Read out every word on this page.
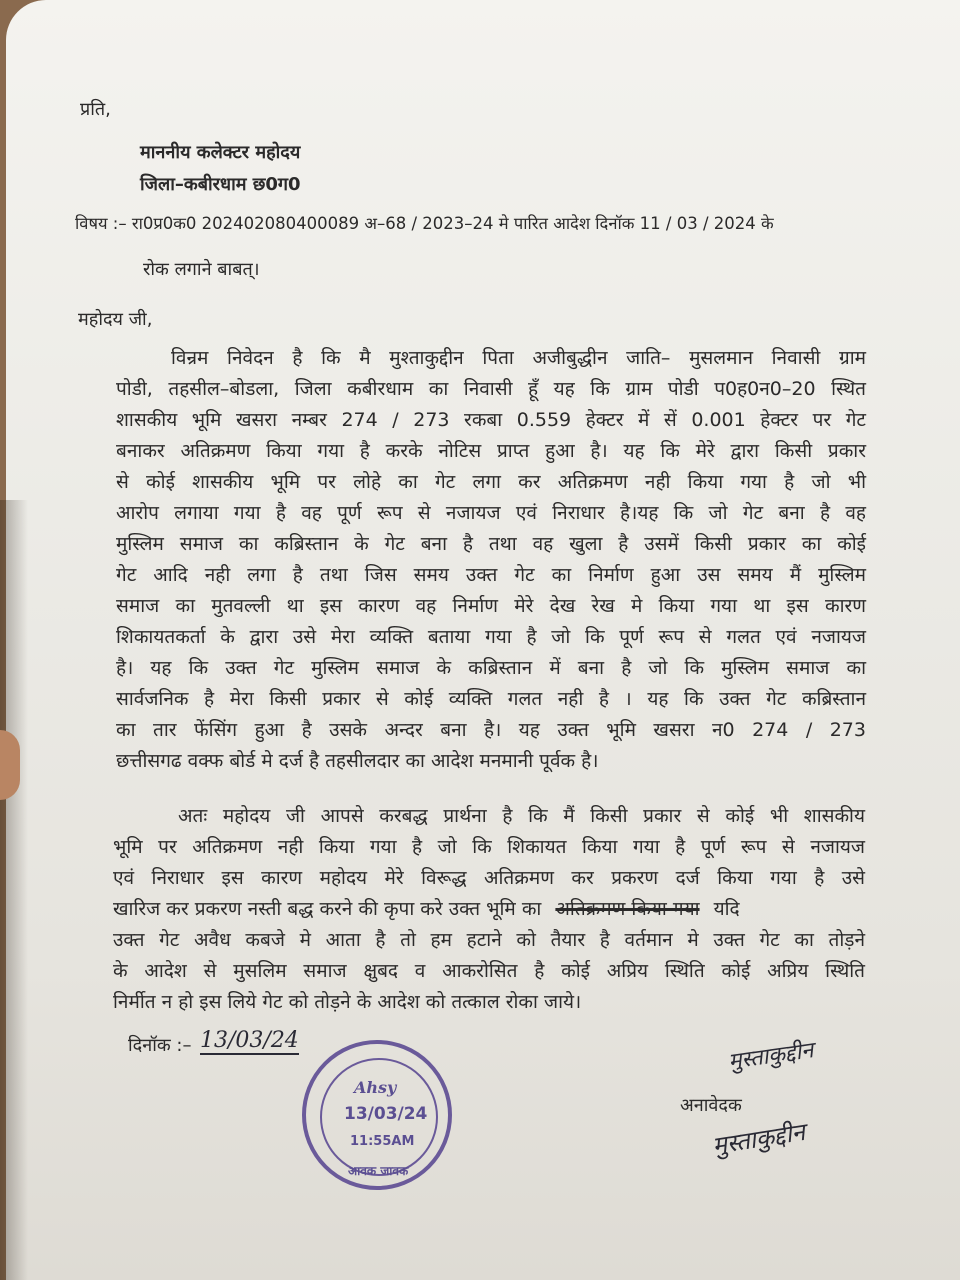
प्रति,
माननीय कलेक्टर महोदय
जिला–कबीरधाम छ0ग0
विषय :– रा0प्र0क0 202402080400089 अ–68 / 2023–24 मे पारित आदेश दिनॉक 11 / 03 / 2024 के
रोक लगाने बाबत्।
महोदय जी,
विन्रम निवेदन है कि मै मुश्ताकुद्दीन पिता अजीबुद्धीन जाति– मुसलमान निवासी ग्राम
पोडी, तहसील–बोडला, जिला कबीरधाम का निवासी हूँ यह कि ग्राम पोडी प0ह0न0–20 स्थित
शासकीय भूमि खसरा नम्बर 274 / 273 रकबा 0.559 हेक्टर में सें 0.001 हेक्टर पर गेट
बनाकर अतिक्रमण किया गया है करके नोटिस प्राप्त हुआ है। यह कि मेरे द्वारा किसी प्रकार
से कोई शासकीय भूमि पर लोहे का गेट लगा कर अतिक्रमण नही किया गया है जो भी
आरोप लगाया गया है वह पूर्ण रूप से नजायज एवं निराधार है।यह कि जो गेट बना है वह
मुस्लिम समाज का कब्रिस्तान के गेट बना है तथा वह खुला है उसमें किसी प्रकार का कोई
गेट आदि नही लगा है तथा जिस समय उक्त गेट का निर्माण हुआ उस समय मैं मुस्लिम
समाज का मुतवल्ली था इस कारण वह निर्माण मेरे देख रेख मे किया गया था इस कारण
शिकायतकर्ता के द्वारा उसे मेरा व्यक्ति बताया गया है जो कि पूर्ण रूप से गलत एवं नजायज
है। यह कि उक्त गेट मुस्लिम समाज के कब्रिस्तान में बना है जो कि मुस्लिम समाज का
सार्वजनिक है मेरा किसी प्रकार से कोई व्यक्ति गलत नही है । यह कि उक्त गेट कब्रिस्तान
का तार फेंसिंग हुआ है उसके अन्दर बना है। यह उक्त भूमि खसरा न0 274 / 273
छत्तीसगढ वक्फ बोर्ड मे दर्ज है तहसीलदार का आदेश मनमानी पूर्वक है।
अतः महोदय जी आपसे करबद्ध प्रार्थना है कि मैं किसी प्रकार से कोई भी शासकीय
भूमि पर अतिक्रमण नही किया गया है जो कि शिकायत किया गया है पूर्ण रूप से नजायज
एवं निराधार इस कारण महोदय मेरे विरूद्ध अतिक्रमण कर प्रकरण दर्ज किया गया है उसे
खारिज कर प्रकरण नस्ती बद्ध करने की कृपा करे उक्त भूमि का अतिक्रमण किया गया यदि
उक्त गेट अवैध कबजे मे आता है तो हम हटाने को तैयार है वर्तमान मे उक्त गेट का तोड़ने
के आदेश से मुसलिम समाज क्षुबद व आकरोसित है कोई अप्रिय स्थिति कोई अप्रिय स्थिति
निर्मीत न हो इस लिये गेट को तोड़ने के आदेश को तत्काल रोका जाये।
दिनॉक :– 13/03/24
Ahsy
13/03/24
11:55AM
आवक जावक
मुस्ताकुद्दीन
अनावेदक
मुस्ताकुद्दीन
